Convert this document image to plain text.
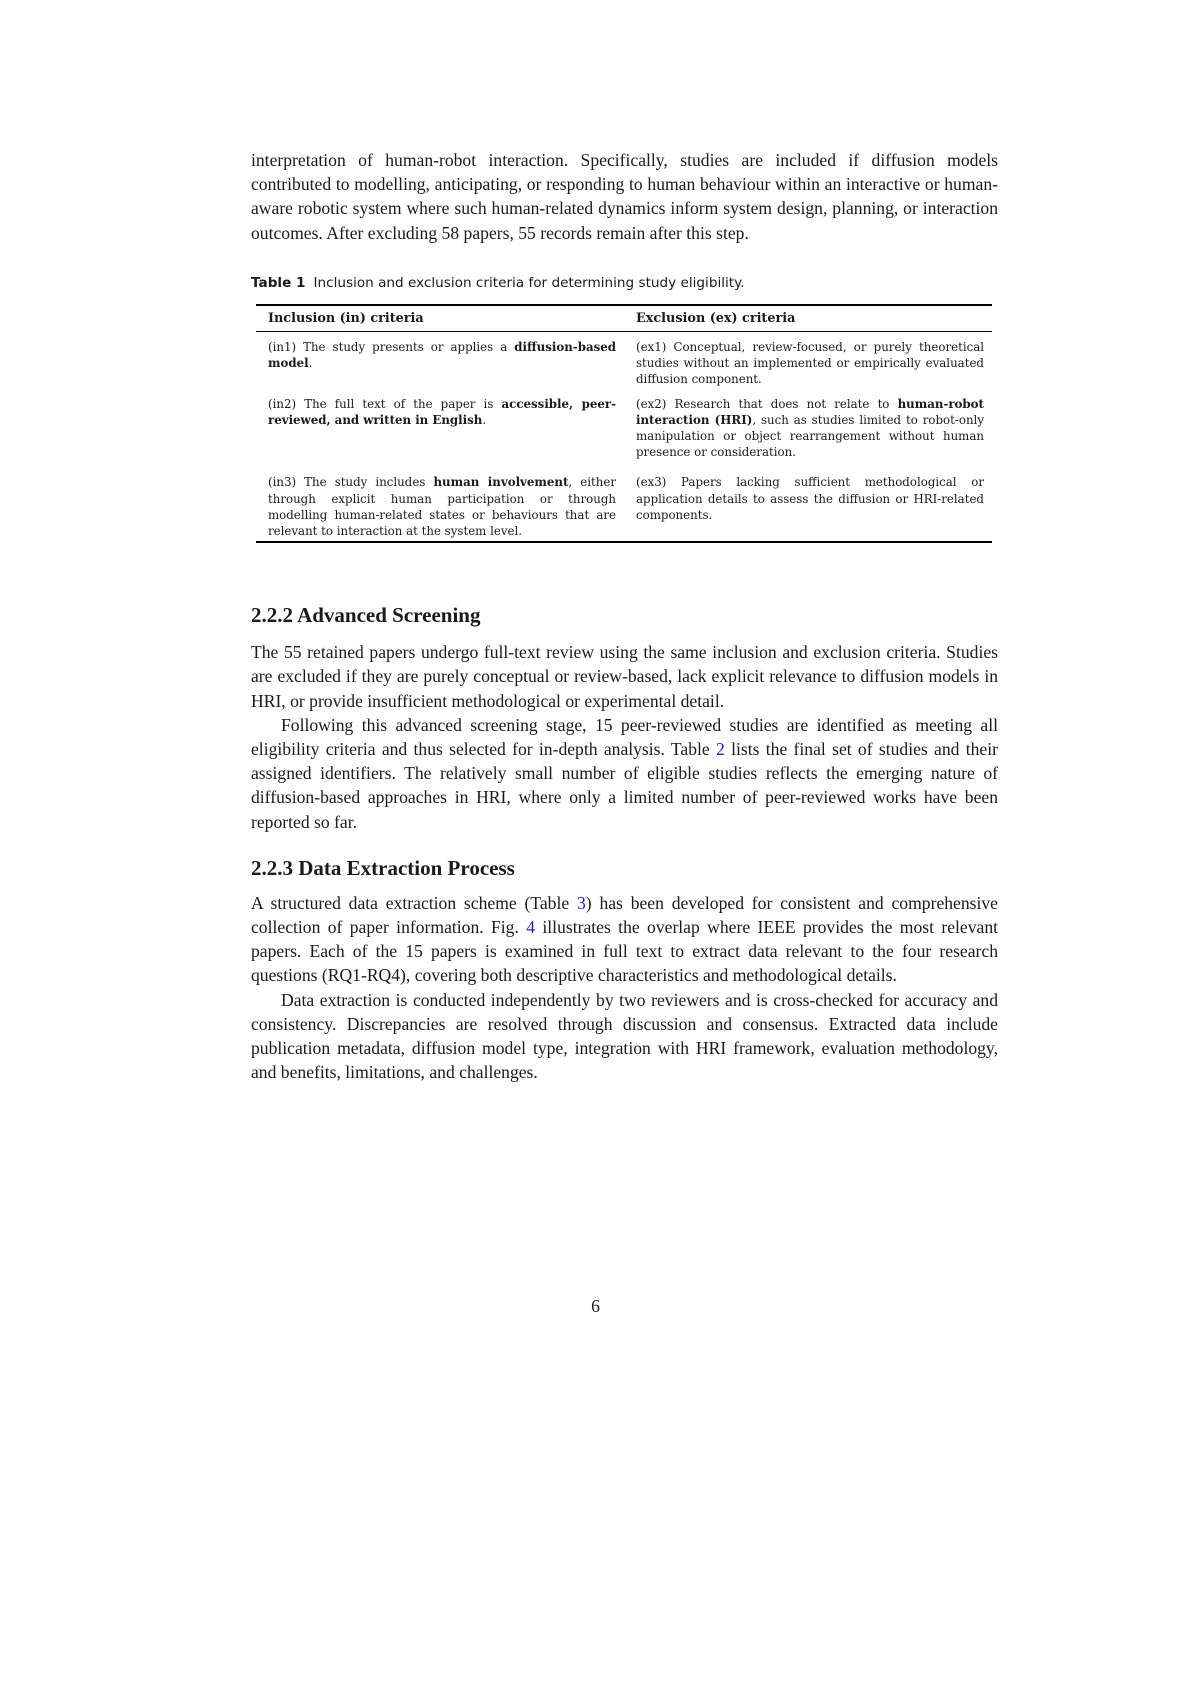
interpretation of human-robot interaction. Specifically, studies are included if diffusion models contributed to modelling, anticipating, or responding to human behaviour within an interactive or human-aware robotic system where such human-related dynamics inform system design, planning, or interaction outcomes. After excluding 58 papers, 55 records remain after this step.

Table 1 Inclusion and exclusion criteria for determining study eligibility.
Inclusion (in) criteria	Exclusion (ex) criteria
(in1) The study presents or applies a diffusion-based model.	(ex1) Conceptual, review-focused, or purely theoretical studies without an implemented or empirically evaluated diffusion component.
(in2) The full text of the paper is accessible, peer-reviewed, and written in English.	(ex2) Research that does not relate to human-robot interaction (HRI), such as studies limited to robot-only manipulation or object rearrangement without human presence or consideration.
(in3) The study includes human involvement, either through explicit human participation or through modelling human-related states or behaviours that are relevant to interaction at the system level.	(ex3) Papers lacking sufficient methodological or application details to assess the diffusion or HRI-related components.
2.2.2 Advanced Screening

The 55 retained papers undergo full-text review using the same inclusion and exclusion criteria. Studies are excluded if they are purely conceptual or review-based, lack explicit relevance to diffusion models in HRI, or provide insufficient methodological or experimental detail.

Following this advanced screening stage, 15 peer-reviewed studies are identified as meeting all eligibility criteria and thus selected for in-depth analysis. Table 2 lists the final set of studies and their assigned identifiers. The relatively small number of eligible studies reflects the emerging nature of diffusion-based approaches in HRI, where only a limited number of peer-reviewed works have been reported so far.

2.2.3 Data Extraction Process

A structured data extraction scheme (Table 3) has been developed for consistent and comprehensive collection of paper information. Fig. 4 illustrates the overlap where IEEE provides the most relevant papers. Each of the 15 papers is examined in full text to extract data relevant to the four research questions (RQ1-RQ4), covering both descriptive characteristics and methodological details.

Data extraction is conducted independently by two reviewers and is cross-checked for accuracy and consistency. Discrepancies are resolved through discussion and consensus. Extracted data include publication metadata, diffusion model type, integration with HRI framework, evaluation methodology, and benefits, limitations, and challenges.

6
